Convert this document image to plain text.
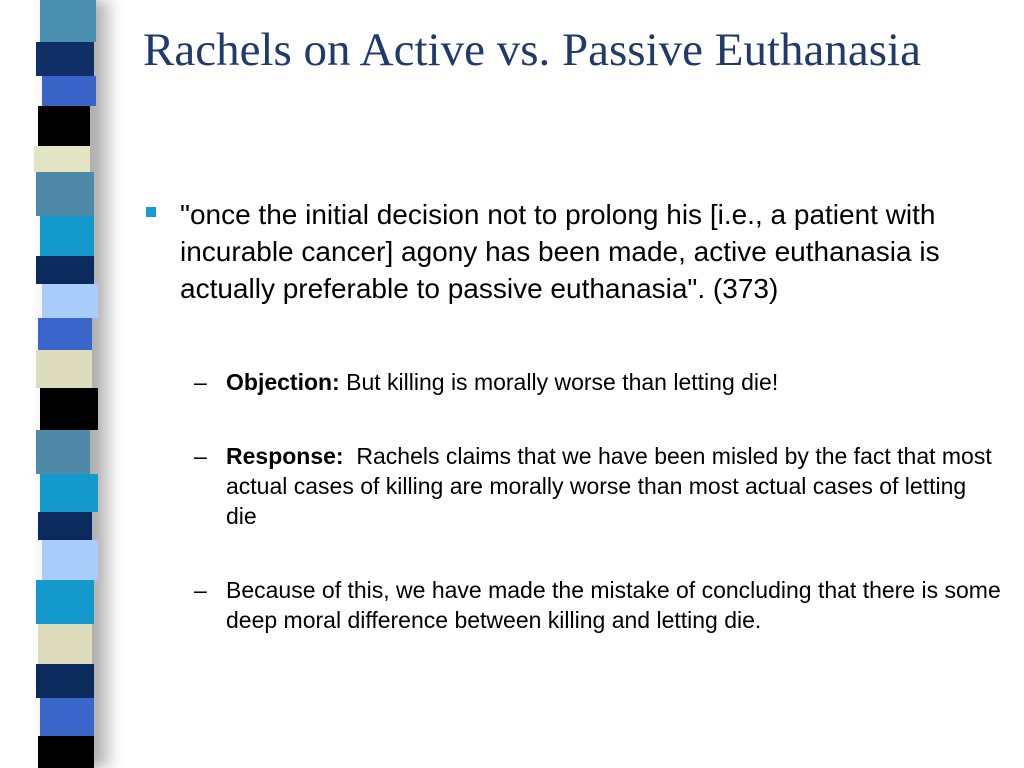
Rachels on Active vs. Passive Euthanasia
"once the initial decision not to prolong his [i.e., a patient with incurable cancer] agony has been made, active euthanasia is actually preferable to passive euthanasia". (373)
– Objection: But killing is morally worse than letting die!
– Response:  Rachels claims that we have been misled by the fact that most actual cases of killing are morally worse than most actual cases of letting die
– Because of this, we have made the mistake of concluding that there is some deep moral difference between killing and letting die.
